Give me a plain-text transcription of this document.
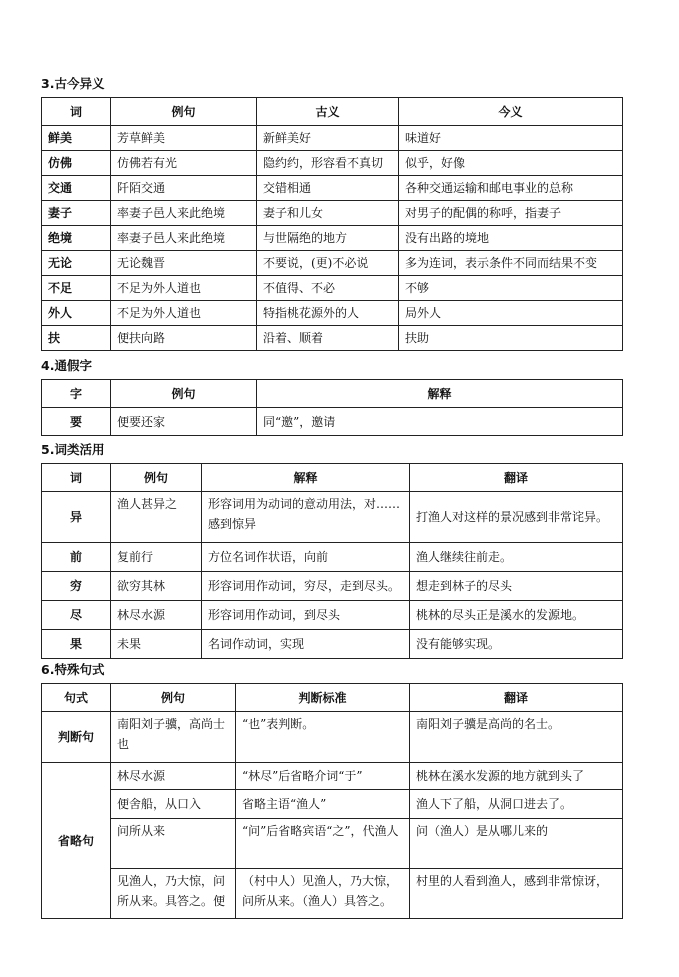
3.古今异义
词	例句	古义	今义
鲜美	芳草鲜美	新鲜美好	味道好
仿佛	仿佛若有光	隐约约，形容看不真切	似乎，好像
交通	阡陌交通	交错相通	各种交通运输和邮电事业的总称
妻子	率妻子邑人来此绝境	妻子和儿女	对男子的配偶的称呼，指妻子
绝境	率妻子邑人来此绝境	与世隔绝的地方	没有出路的境地
无论	无论魏晋	不要说，(更)不必说	多为连词，表示条件不同而结果不变
不足	不足为外人道也	不值得、不必	不够
外人	不足为外人道也	特指桃花源外的人	局外人
扶	便扶向路	沿着、顺着	扶助
4.通假字
字	例句	解释
要	便要还家	同“邀”，邀请
5.词类活用
词	例句	解释	翻译
异	渔人甚异之	形容词用为动词的意动用法，对……感到惊异	打渔人对这样的景况感到非常诧异。
前	复前行	方位名词作状语，向前	渔人继续往前走。
穷	欲穷其林	形容词用作动词，穷尽，走到尽头。	想走到林子的尽头
尽	林尽水源	形容词用作动词，到尽头	桃林的尽头正是溪水的发源地。
果	未果	名词作动词，实现	没有能够实现。
6.特殊句式
句式	例句	判断标准	翻译
判断句	南阳刘子骥，高尚士也	“也”表判断。	南阳刘子骥是高尚的名士。
省略句	林尽水源	“林尽”后省略介词“于”	桃林在溪水发源的地方就到头了
	便舍船，从口入	省略主语“渔人”	渔人下了船，从洞口进去了。
	问所从来	“问”后省略宾语“之”，代渔人	问（渔人）是从哪儿来的
	见渔人，乃大惊，问所从来。具答之。便	（村中人）见渔人，乃大惊，问所从来。（渔人）具答之。	村里的人看到渔人，感到非常惊讶，
